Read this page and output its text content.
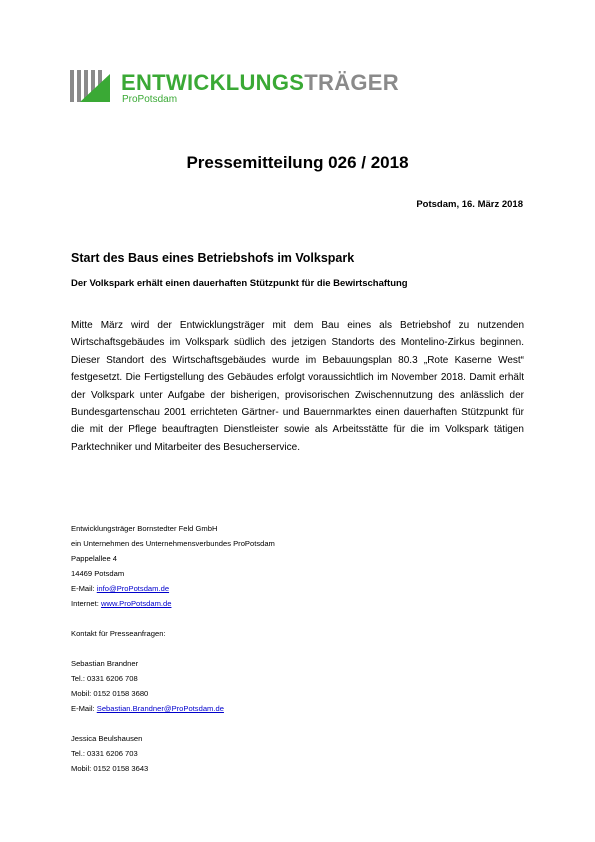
ENTWICKLUNGSTRÄGER
ProPotsdam
Pressemitteilung 026 / 2018
Potsdam, 16. März 2018
Start des Baus eines Betriebshofs im Volkspark
Der Volkspark erhält einen dauerhaften Stützpunkt für die Bewirtschaftung
Mitte März wird der Entwicklungsträger mit dem Bau eines als Betriebshof zu nutzenden Wirtschaftsgebäudes im Volkspark südlich des jetzigen Standorts des Montelino-Zirkus beginnen. Dieser Standort des Wirtschaftsgebäudes wurde im Bebauungsplan 80.3 „Rote Kaserne West“ festgesetzt. Die Fertigstellung des Gebäudes erfolgt voraussichtlich im November 2018. Damit erhält der Volkspark unter Aufgabe der bisherigen, provisorischen Zwischennutzung des anlässlich der Bundesgartenschau 2001 errichteten Gärtner- und Bauernmarktes einen dauerhaften Stützpunkt für die mit der Pflege beauftragten Dienstleister sowie als Arbeitsstätte für die im Volkspark tätigen Parktechniker und Mitarbeiter des Besucherservice.
Entwicklungsträger Bornstedter Feld GmbH
ein Unternehmen des Unternehmensverbundes ProPotsdam
Pappelallee 4
14469 Potsdam
E-Mail: info@ProPotsdam.de
Internet: www.ProPotsdam.de
Kontakt für Presseanfragen:
Sebastian Brandner
Tel.: 0331 6206 708
Mobil: 0152 0158 3680
E-Mail: Sebastian.Brandner@ProPotsdam.de
Jessica Beulshausen
Tel.: 0331 6206 703
Mobil: 0152 0158 3643
